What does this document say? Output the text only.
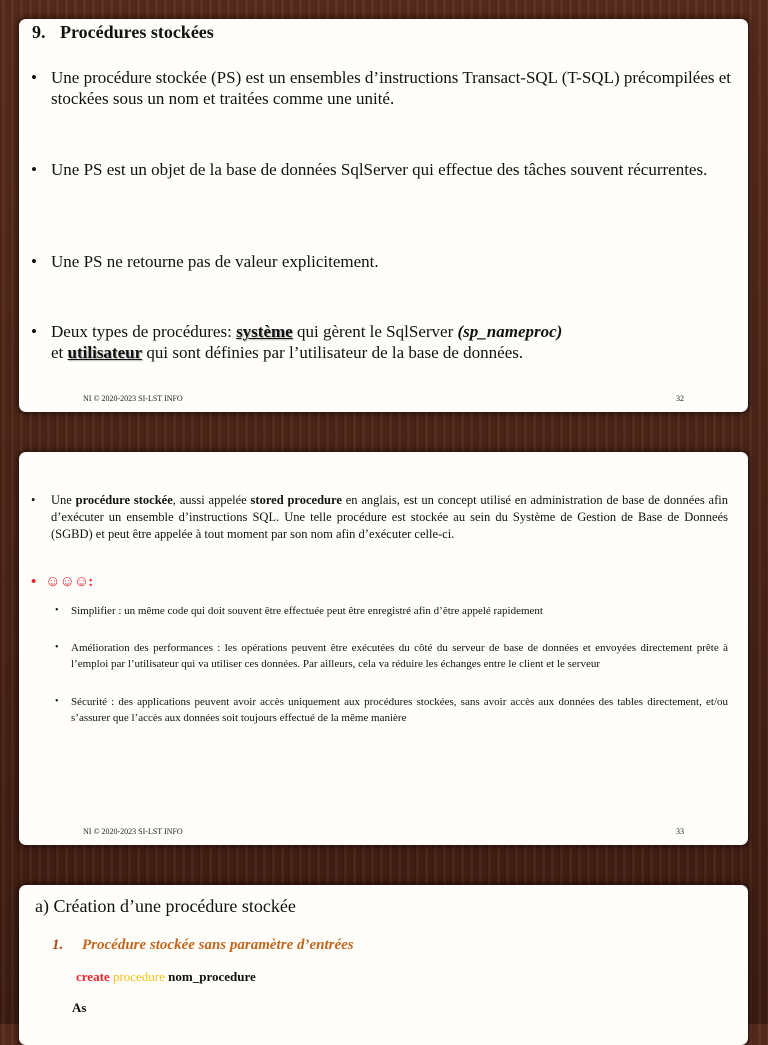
9. Procédures stockées
• Une procédure stockée (PS) est un ensembles d’instructions Transact-SQL (T-SQL) précompilées et stockées sous un nom et traitées comme une unité.
• Une PS est un objet de la base de données SqlServer qui effectue des tâches souvent récurrentes.
• Une PS ne retourne pas de valeur explicitement.
• Deux types de procédures: système qui gèrent le SqlServer (sp_nameproc)
et utilisateur qui sont définies par l’utilisateur de la base de données.
NI © 2020-2023 SI-LST INFO	32
• Une procédure stockée, aussi appelée stored procedure en anglais, est un concept utilisé en administration de base de données afin d’exécuter un ensemble d’instructions SQL. Une telle procédure est stockée au sein du Système de Gestion de Base de Donneés (SGBD) et peut être appelée à tout moment par son nom afin d’exécuter celle-ci.
• ☺☺☺:
• Simplifier : un même code qui doit souvent être effectuée peut être enregistré afin d’être appelé rapidement
• Amélioration des performances : les opérations peuvent être exécutées du côté du serveur de base de données et envoyées directement prête à l’emploi par l’utilisateur qui va utiliser ces données. Par ailleurs, cela va réduire les échanges entre le client et le serveur
• Sécurité : des applications peuvent avoir accès uniquement aux procédures stockées, sans avoir accès aux données des tables directement, et/ou s’assurer que l’accès aux données soit toujours effectué de la même manière
NI © 2020-2023 SI-LST INFO	33
a) Création d’une procédure stockée
1. Procédure stockée sans paramètre d’entrées
create procedure nom_procedure
As
